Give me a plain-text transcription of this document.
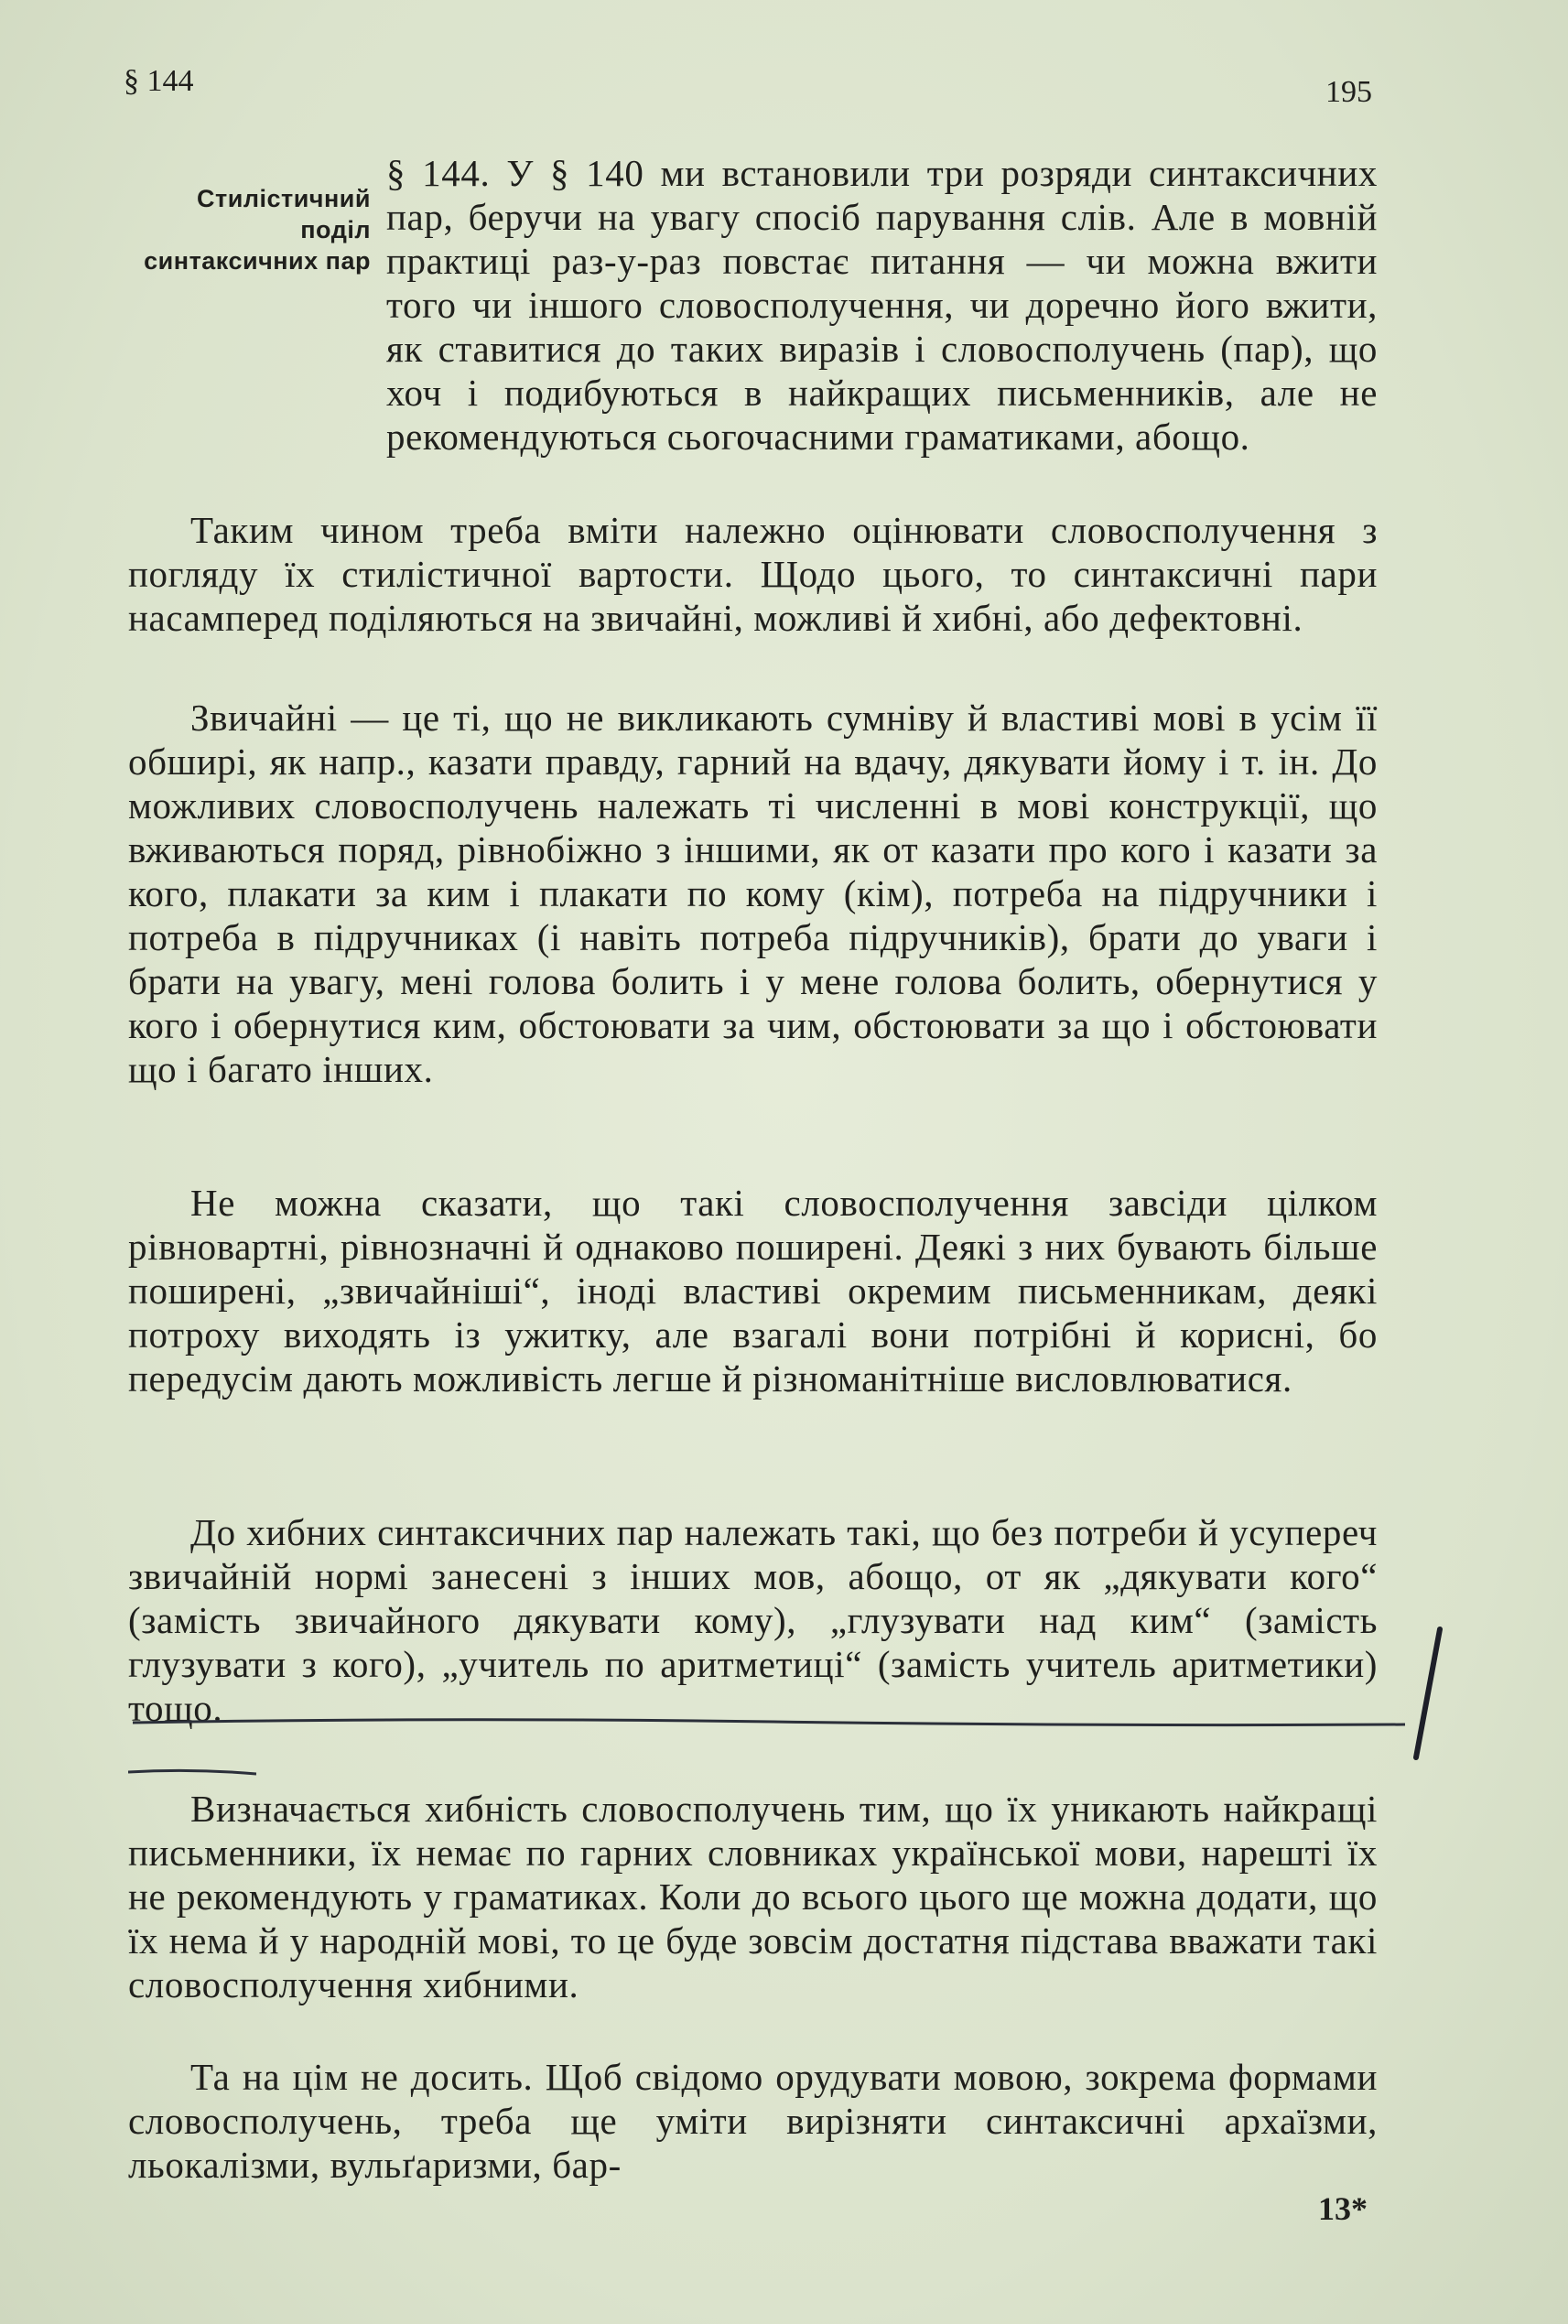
§ 144	195
Стилістичний поділ синтаксичних пар
§ 144. У § 140 ми встановили три розряди синтаксичних пар, беручи на увагу спосіб парування слів. Але в мовній практиці раз-у-раз повстає питання — чи можна вжити того чи іншого словосполучення, чи доречно його вжити, як ставитися до таких виразів і словосполучень (пар), що хоч і подибуються в найкращих письменників, але не рекомендуються сьогочасними граматиками, абощо.
Таким чином треба вміти належно оцінювати словосполучення з погляду їх стилістичної вартости. Щодо цього, то синтаксичні пари насамперед поділяються на звичайні, можливі й хибні, або дефектовні.
Звичайні — це ті, що не викликають сумніву й властиві мові в усім її обширі, як напр., казати правду, гарний на вдачу, дякувати йому і т. ін. До можливих словосполучень належать ті численні в мові конструкції, що вживаються поряд, рівнобіжно з іншими, як от казати про кого і казати за кого, плакати за ким і плакати по кому (кім), потреба на підручники і потреба в підручниках (і навіть потреба підручників), брати до уваги і брати на увагу, мені голова болить і у мене голова болить, обернутися у кого і обернутися ким, обстоювати за чим, обстоювати за що і обстоювати що і багато інших.
Не можна сказати, що такі словосполучення завсіди цілком рівновартні, рівнозначні й однаково поширені. Деякі з них бувають більше поширені, „звичайніші“, іноді властиві окремим письменникам, деякі потроху виходять із ужитку, але взагалі вони потрібні й корисні, бо передусім дають можливість легше й різноманітніше висловлюватися.
До хибних синтаксичних пар належать такі, що без потреби й усупереч звичайній нормі занесені з інших мов, абощо, от як „дякувати кого“ (замість звичайного дякувати кому), „глузувати над ким“ (замість глузувати з кого), „учитель по аритметиці“ (замість учитель аритметики) тощо.
Визначається хибність словосполучень тим, що їх уникають найкращі письменники, їх немає по гарних словниках української мови, нарешті їх не рекомендують у граматиках. Коли до всього цього ще можна додати, що їх нема й у народній мові, то це буде зовсім достатня підстава вважати такі словосполучення хибними.
Та на цім не досить. Щоб свідомо орудувати мовою, зокрема формами словосполучень, треба ще уміти вирізняти синтаксичні архаїзми, льокалізми, вульґаризми, бар-
13*
